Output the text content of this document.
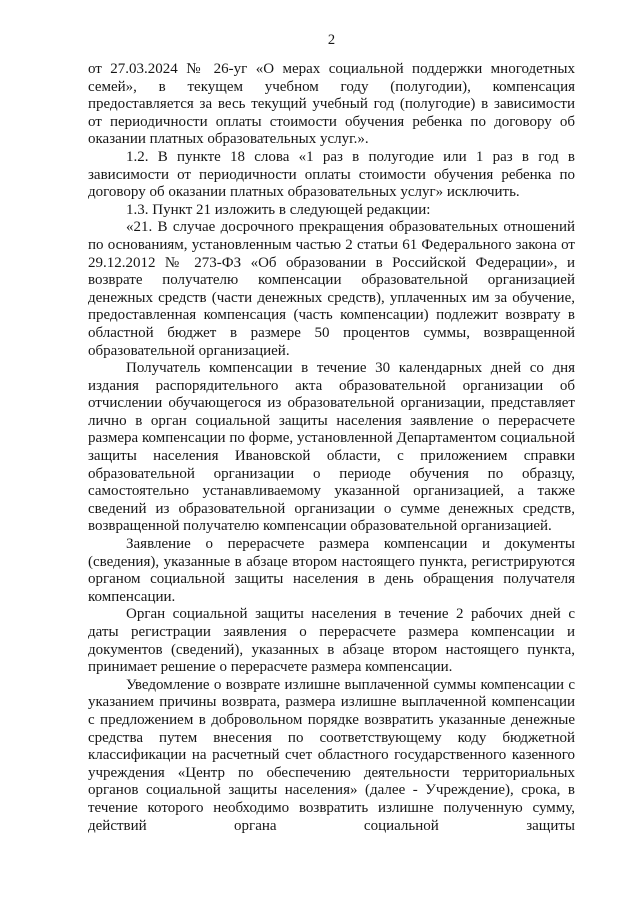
2

от 27.03.2024 № 26-уг «О мерах социальной поддержки многодетных семей», в текущем учебном году (полугодии), компенсация предоставляется за весь текущий учебный год (полугодие) в зависимости от периодичности оплаты стоимости обучения ребенка по договору об оказании платных образовательных услуг.».

1.2. В пункте 18 слова «1 раз в полугодие или 1 раз в год в зависимости от периодичности оплаты стоимости обучения ребенка по договору об оказании платных образовательных услуг» исключить.

1.3. Пункт 21 изложить в следующей редакции:

«21. В случае досрочного прекращения образовательных отношений по основаниям, установленным частью 2 статьи 61 Федерального закона от 29.12.2012 № 273-ФЗ «Об образовании в Российской Федерации», и возврате получателю компенсации образовательной организацией денежных средств (части денежных средств), уплаченных им за обучение, предоставленная компенсация (часть компенсации) подлежит возврату в областной бюджет в размере 50 процентов суммы, возвращенной образовательной организацией.

Получатель компенсации в течение 30 календарных дней со дня издания распорядительного акта образовательной организации об отчислении обучающегося из образовательной организации, представляет лично в орган социальной защиты населения заявление о перерасчете размера компенсации по форме, установленной Департаментом социальной защиты населения Ивановской области, с приложением справки образовательной организации о периоде обучения по образцу, самостоятельно устанавливаемому указанной организацией, а также сведений из образовательной организации о сумме денежных средств, возвращенной получателю компенсации образовательной организацией.

Заявление о перерасчете размера компенсации и документы (сведения), указанные в абзаце втором настоящего пункта, регистрируются органом социальной защиты населения в день обращения получателя компенсации.

Орган социальной защиты населения в течение 2 рабочих дней с даты регистрации заявления о перерасчете размера компенсации и документов (сведений), указанных в абзаце втором настоящего пункта, принимает решение о перерасчете размера компенсации.

Уведомление о возврате излишне выплаченной суммы компенсации с указанием причины возврата, размера излишне выплаченной компенсации с предложением в добровольном порядке возвратить указанные денежные средства путем внесения по соответствующему коду бюджетной классификации на расчетный счет областного государственного казенного учреждения «Центр по обеспечению деятельности территориальных органов социальной защиты населения» (далее - Учреждение), срока, в течение которого необходимо возвратить излишне полученную сумму, действий органа социальной защиты
